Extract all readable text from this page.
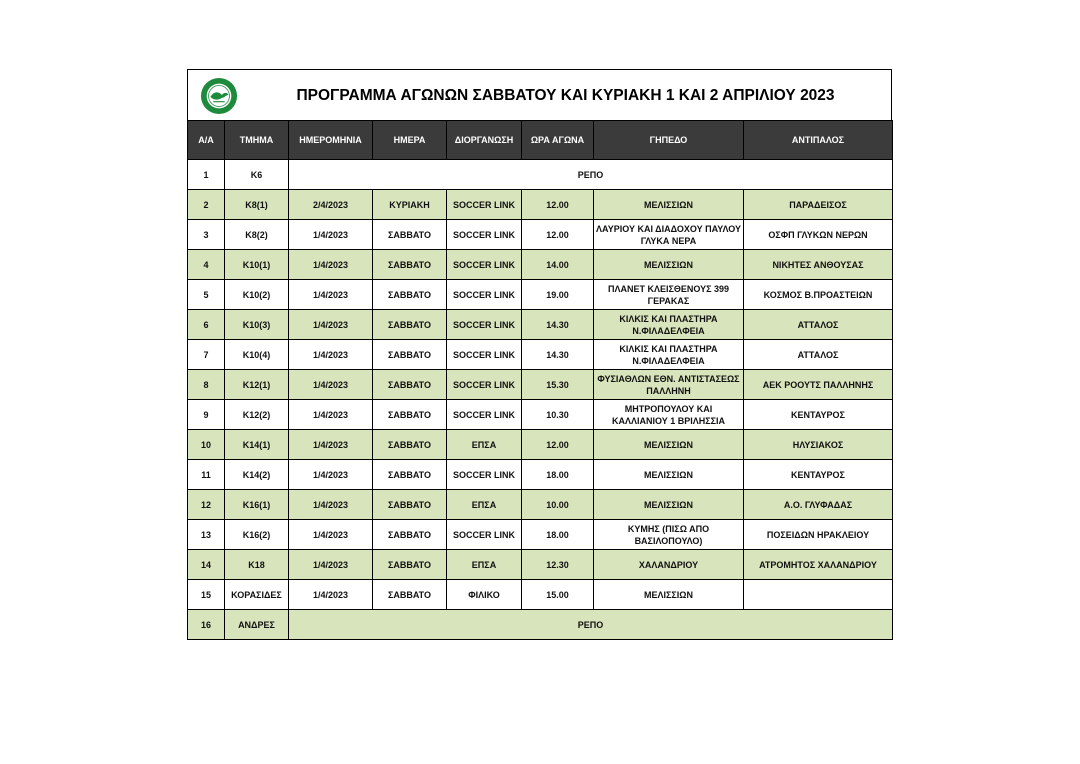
ΠΡΟΓΡΑΜΜΑ ΑΓΩΝΩΝ ΣΑΒΒΑΤΟΥ ΚΑΙ ΚΥΡΙΑΚΗ 1 ΚΑΙ 2 ΑΠΡΙΛΙΟΥ 2023
Α/Α	ΤΜΗΜΑ	ΗΜΕΡΟΜΗΝΙΑ	ΗΜΕΡΑ	ΔΙΟΡΓΑΝΩΣΗ	ΩΡΑ ΑΓΩΝΑ	ΓΗΠΕΔΟ	ΑΝΤΙΠΑΛΟΣ
1	Κ6	ΡΕΠΟ					
2	Κ8(1)	2/4/2023	ΚΥΡΙΑΚΗ	SOCCER LINK	12.00	ΜΕΛΙΣΣΙΩΝ	ΠΑΡΑΔΕΙΣΟΣ
3	Κ8(2)	1/4/2023	ΣΑΒΒΑΤΟ	SOCCER LINK	12.00	ΛΑΥΡΙΟΥ ΚΑΙ ΔΙΑΔΟΧΟΥ ΠΑΥΛΟΥ ΓΛΥΚΑ ΝΕΡΑ	ΟΣΦΠ ΓΛΥΚΩΝ ΝΕΡΩΝ
4	Κ10(1)	1/4/2023	ΣΑΒΒΑΤΟ	SOCCER LINK	14.00	ΜΕΛΙΣΣΙΩΝ	ΝΙΚΗΤΕΣ ΑΝΘΟΥΣΑΣ
5	Κ10(2)	1/4/2023	ΣΑΒΒΑΤΟ	SOCCER LINK	19.00	ΠΛΑΝΕΤ ΚΛΕΙΣΘΕΝΟΥΣ 399 ΓΕΡΑΚΑΣ	ΚΟΣΜΟΣ Β.ΠΡΟΑΣΤΕΙΩΝ
6	Κ10(3)	1/4/2023	ΣΑΒΒΑΤΟ	SOCCER LINK	14.30	ΚΙΛΚΙΣ ΚΑΙ ΠΛΑΣΤΗΡΑ Ν.ΦΙΛΑΔΕΛΦΕΙΑ	ΑΤΤΑΛΟΣ
7	Κ10(4)	1/4/2023	ΣΑΒΒΑΤΟ	SOCCER LINK	14.30	ΚΙΛΚΙΣ ΚΑΙ ΠΛΑΣΤΗΡΑ Ν.ΦΙΛΑΔΕΛΦΕΙΑ	ΑΤΤΑΛΟΣ
8	Κ12(1)	1/4/2023	ΣΑΒΒΑΤΟ	SOCCER LINK	15.30	ΦΥΣΙΑΘΛΩΝ ΕΘΝ. ΑΝΤΙΣΤΑΣΕΩΣ ΠΑΛΛΗΝΗ	ΑΕΚ ΡΟΟΥΤΣ ΠΑΛΛΗΝΗΣ
9	Κ12(2)	1/4/2023	ΣΑΒΒΑΤΟ	SOCCER LINK	10.30	ΜΗΤΡΟΠΟΥΛΟΥ ΚΑΙ ΚΑΛΛΙΑΝΙΟΥ 1 ΒΡΙΛΗΣΣΙΑ	ΚΕΝΤΑΥΡΟΣ
10	Κ14(1)	1/4/2023	ΣΑΒΒΑΤΟ	ΕΠΣΑ	12.00	ΜΕΛΙΣΣΙΩΝ	ΗΛΥΣΙΑΚΟΣ
11	Κ14(2)	1/4/2023	ΣΑΒΒΑΤΟ	SOCCER LINK	18.00	ΜΕΛΙΣΣΙΩΝ	ΚΕΝΤΑΥΡΟΣ
12	Κ16(1)	1/4/2023	ΣΑΒΒΑΤΟ	ΕΠΣΑ	10.00	ΜΕΛΙΣΣΙΩΝ	Α.Ο. ΓΛΥΦΑΔΑΣ
13	Κ16(2)	1/4/2023	ΣΑΒΒΑΤΟ	SOCCER LINK	18.00	ΚΥΜΗΣ (ΠΙΣΩ ΑΠΟ ΒΑΣΙΛΟΠΟΥΛΟ)	ΠΟΣΕΙΔΩΝ ΗΡΑΚΛΕΙΟΥ
14	Κ18	1/4/2023	ΣΑΒΒΑΤΟ	ΕΠΣΑ	12.30	ΧΑΛΑΝΔΡΙΟΥ	ΑΤΡΟΜΗΤΟΣ ΧΑΛΑΝΔΡΙΟΥ
15	ΚΟΡΑΣΙΔΕΣ	1/4/2023	ΣΑΒΒΑΤΟ	ΦΙΛΙΚΟ	15.00	ΜΕΛΙΣΣΙΩΝ	
16	ΑΝΔΡΕΣ	ΡΕΠΟ					
